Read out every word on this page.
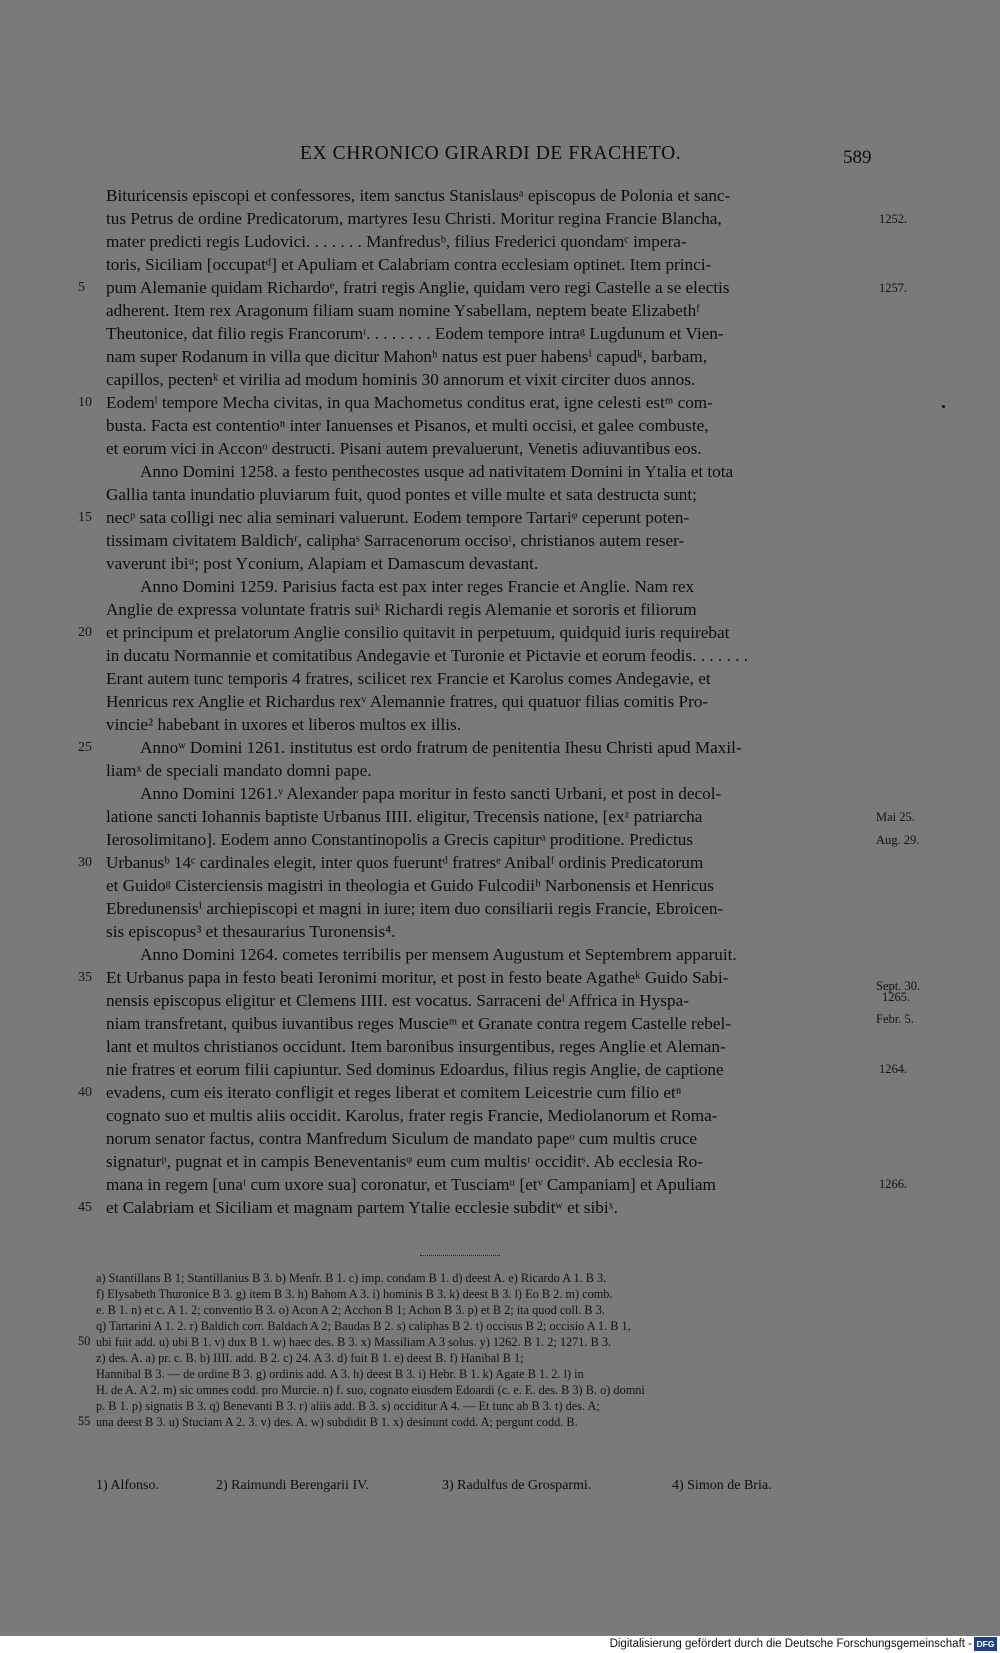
EX CHRONICO GIRARDI DE FRACHETO.	589
Bituricensis episcopi et confessores, item sanctus Stanislausᵃ episcopus de Polonia et sanc-
tus Petrus de ordine Predicatorum, martyres Iesu Christi. Moritur regina Francie Blancha,
mater predicti regis Ludovici. . . . . . . Manfredusᵇ, filius Frederici quondamᶜ impera-
toris, Siciliam [occupatᵈ] et Apuliam et Calabriam contra ecclesiam optinet. Item princi-
pum Alemanie quidam Richardoᵉ, fratri regis Anglie, quidam vero regi Castelle a se electis
adherent. Item rex Aragonum filiam suam nomine Ysabellam, neptem beate Elizabethᶠ
Theutonice, dat filio regis Francorumᶦ. . . . . . . . Eodem tempore intraᵍ Lugdunum et Vien-
nam super Rodanum in villa que dicitur Mahonʰ natus est puer habensⁱ capudᵏ, barbam,
capillos, pectenᵏ et virilia ad modum hominis 30 annorum et vixit circiter duos annos.
Eodemˡ tempore Mecha civitas, in qua Machometus conditus erat, igne celesti estᵐ com-
busta. Facta est contentioⁿ inter Ianuenses et Pisanos, et multi occisi, et galee combuste,
et eorum vici in Acconᵒ destructi. Pisani autem prevaluerunt, Venetis adiuvantibus eos.
Anno Domini 1258. a festo penthecostes usque ad nativitatem Domini in Ytalia et tota
Gallia tanta inundatio pluviarum fuit, quod pontes et ville multe et sata destructa sunt;
necᵖ sata colligi nec alia seminari valuerunt. Eodem tempore Tartariᵠ ceperunt poten-
tissimam civitatem Baldichʳ, caliphaˢ Sarracenorum occisoᵗ, christianos autem reser-
vaverunt ibiᵘ; post Yconium, Alapiam et Damascum devastant.
Anno Domini 1259. Parisius facta est pax inter reges Francie et Anglie. Nam rex
Anglie de expressa voluntate fratris suiᵏ Richardi regis Alemanie et sororis et filiorum
et principum et prelatorum Anglie consilio quitavit in perpetuum, quidquid iuris requirebat
in ducatu Normannie et comitatibus Andegavie et Turonie et Pictavie et eorum feodis. . . . . . .
Erant autem tunc temporis 4 fratres, scilicet rex Francie et Karolus comes Andegavie, et
Henricus rex Anglie et Richardus rexᵛ Alemannie fratres, qui quatuor filias comitis Pro-
vincie² habebant in uxores et liberos multos ex illis.
Annoʷ Domini 1261. institutus est ordo fratrum de penitentia Ihesu Christi apud Maxil-
liamˣ de speciali mandato domni pape.
Anno Domini 1261.ʸ Alexander papa moritur in festo sancti Urbani, et post in decol-
latione sancti Iohannis baptiste Urbanus IIII. eligitur, Trecensis natione, [exᶻ patriarcha
Ierosolimitano]. Eodem anno Constantinopolis a Grecis capiturᵃ proditione. Predictus
Urbanusᵇ 14ᶜ cardinales elegit, inter quos fueruntᵈ fratresᵉ Anibalᶠ ordinis Predicatorum
et Guidoᵍ Cisterciensis magistri in theologia et Guido Fulcodiiʰ Narbonensis et Henricus
Ebredunensisⁱ archiepiscopi et magni in iure; item duo consiliarii regis Francie, Ebroicen-
sis episcopus³ et thesaurarius Turonensis⁴.
Anno Domini 1264. cometes terribilis per mensem Augustum et Septembrem apparuit.
Et Urbanus papa in festo beati Ieronimi moritur, et post in festo beate Agatheᵏ Guido Sabi-
nensis episcopus eligitur et Clemens IIII. est vocatus. Sarraceni deˡ Affrica in Hyspa-
niam transfretant, quibus iuvantibus reges Muscieᵐ et Granate contra regem Castelle rebel-
lant et multos christianos occidunt. Item baronibus insurgentibus, reges Anglie et Aleman-
nie fratres et eorum filii capiuntur. Sed dominus Edoardus, filius regis Anglie, de captione
evadens, cum eis iterato confligit et reges liberat et comitem Leicestrie cum filio etⁿ
cognato suo et multis aliis occidit. Karolus, frater regis Francie, Mediolanorum et Roma-
norum senator factus, contra Manfredum Siculum de mandato papeᵒ cum multis cruce
signaturᵖ, pugnat et in campis Beneventanisᵠ eum cum multisʳ occiditˢ. Ab ecclesia Ro-
mana in regem [unaᵗ cum uxore sua] coronatur, et Tusciamᵘ [etᵛ Campaniam] et Apuliam
et Calabriam et Siciliam et magnam partem Ytalie ecclesie subditʷ et sibiˣ.
5
10
15
20
25
30
35
40
45
1252.
1257.
Mai 25.
Aug. 29.
Sept. 30.
1265.
Febr. 5.
1264.
1266.
a) Stantillans B 1; Stantillanius B 3. b) Menfr. B 1. c) imp. condam B 1. d) deest A. e) Ricardo A 1. B 3.
f) Elysabeth Thuronice B 3. g) item B 3. h) Bahom A 3. i) hominis B 3. k) deest B 3. l) Eo B 2. m) comb.
e. B 1. n) et c. A 1. 2; conventio B 3. o) Acon A 2; Acchon B 1; Achon B 3. p) et B 2; ita quod coll. B 3.
q) Tartarini A 1. 2. r) Baldich corr. Baldach A 2; Baudas B 2. s) caliphas B 2. t) occisus B 2; occisio A 1. B 1,
ubi fuit add. u) ubi B 1. v) dux B 1. w) haec des. B 3. x) Massiliam A 3 solus. y) 1262. B 1. 2; 1271. B 3.
z) des. A. a) pr. c. B. b) IIII. add. B 2. c) 24. A 3. d) fuit B 1. e) deest B. f) Hanibal B 1;
Hannibal B 3. — de ordine B 3. g) ordinis add. A 3. h) deest B 3. i) Hebr. B 1. k) Agate B 1. 2. l) in
H. de A. A 2. m) sic omnes codd. pro Murcie. n) f. suo, cognato eiusdem Edoardi (c. e. E. des. B 3) B. o) domni
p. B 1. p) signatis B 3. q) Benevanti B 3. r) aliis add. B 3. s) occiditur A 4. — Et tunc ab B 3. t) des. A;
una deest B 3. u) Stuciam A 2. 3. v) des. A. w) subdidit B 1. x) desinunt codd. A; pergunt codd. B.
50
55
1) Alfonso.	2) Raimundi Berengarii IV.	3) Radulfus de Grosparmi.	4) Simon de Bria.
Digitalisierung gefördert durch die Deutsche Forschungsgemeinschaft - DFG
